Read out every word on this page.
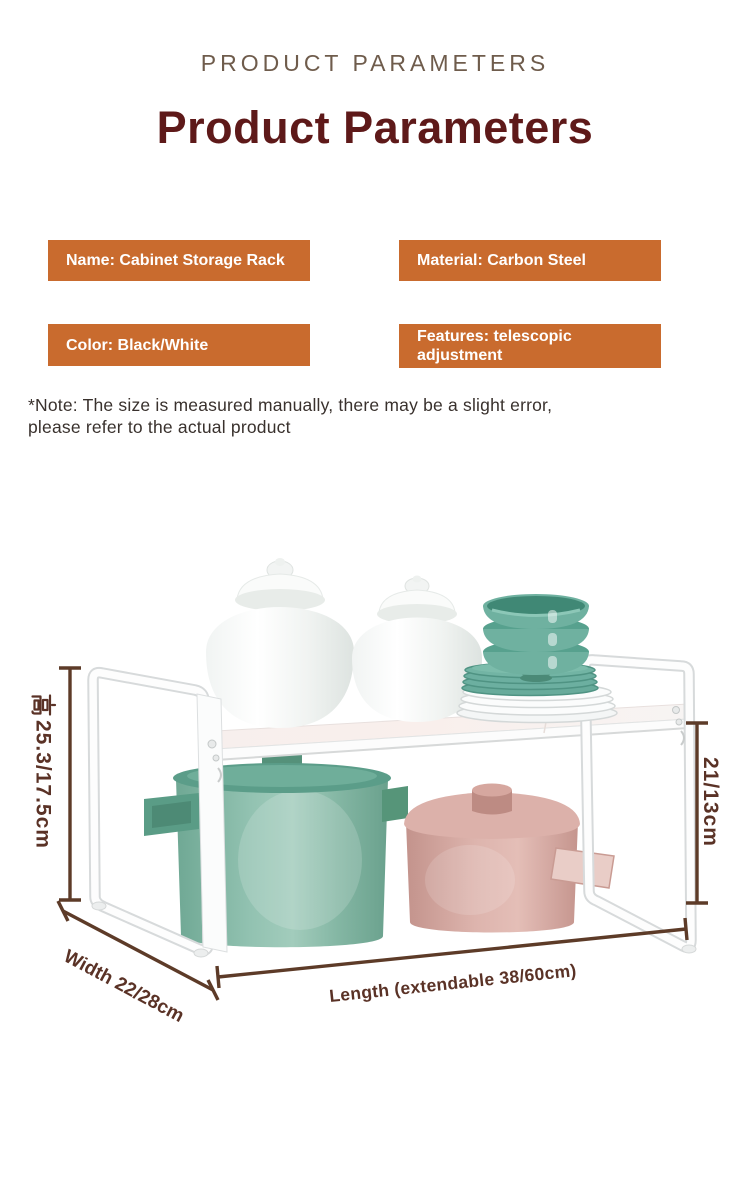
PRODUCT PARAMETERS
Product Parameters
Name: Cabinet Storage Rack	Material: Carbon Steel
Color: Black/White	Features: telescopic adjustment
*Note: The size is measured manually, there may be a slight error,
please refer to the actual product
25.3/17.5cm	21/13cm
Width 22/28cm	Length (extendable 38/60cm)
